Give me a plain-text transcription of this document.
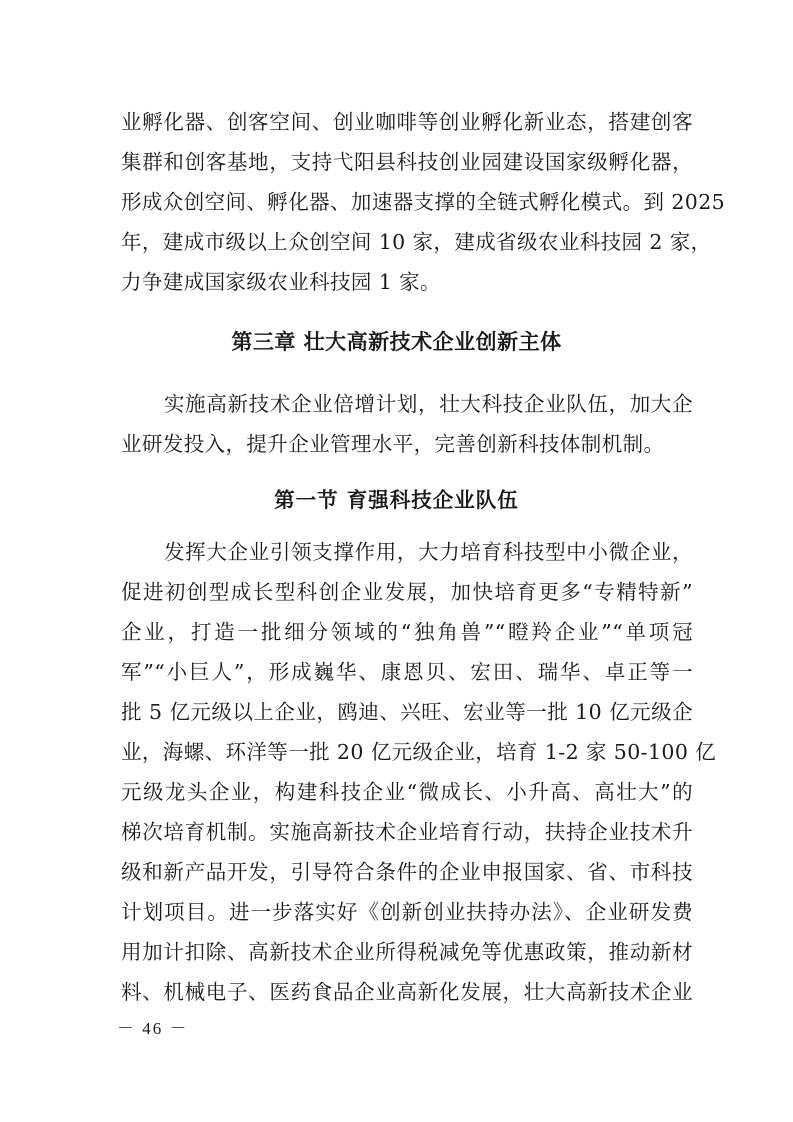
业孵化器、创客空间、创业咖啡等创业孵化新业态，搭建创客
集群和创客基地，支持弋阳县科技创业园建设国家级孵化器，
形成众创空间、孵化器、加速器支撑的全链式孵化模式。到 2025
年，建成市级以上众创空间 10 家，建成省级农业科技园 2 家，
力争建成国家级农业科技园 1 家。
第三章 壮大高新技术企业创新主体
实施高新技术企业倍增计划，壮大科技企业队伍，加大企
业研发投入，提升企业管理水平，完善创新科技体制机制。
第一节 育强科技企业队伍
发挥大企业引领支撑作用，大力培育科技型中小微企业，
促进初创型成长型科创企业发展，加快培育更多“专精特新”
企业，打造一批细分领域的“独角兽”“瞪羚企业”“单项冠
军”“小巨人”，形成巍华、康恩贝、宏田、瑞华、卓正等一
批 5 亿元级以上企业，鸥迪、兴旺、宏业等一批 10 亿元级企
业，海螺、环洋等一批 20 亿元级企业，培育 1-2 家 50-100 亿
元级龙头企业，构建科技企业“微成长、小升高、高壮大”的
梯次培育机制。实施高新技术企业培育行动，扶持企业技术升
级和新产品开发，引导符合条件的企业申报国家、省、市科技
计划项目。进一步落实好《创新创业扶持办法》、企业研发费
用加计扣除、高新技术企业所得税减免等优惠政策，推动新材
料、机械电子、医药食品企业高新化发展，壮大高新技术企业
－ 46 －
